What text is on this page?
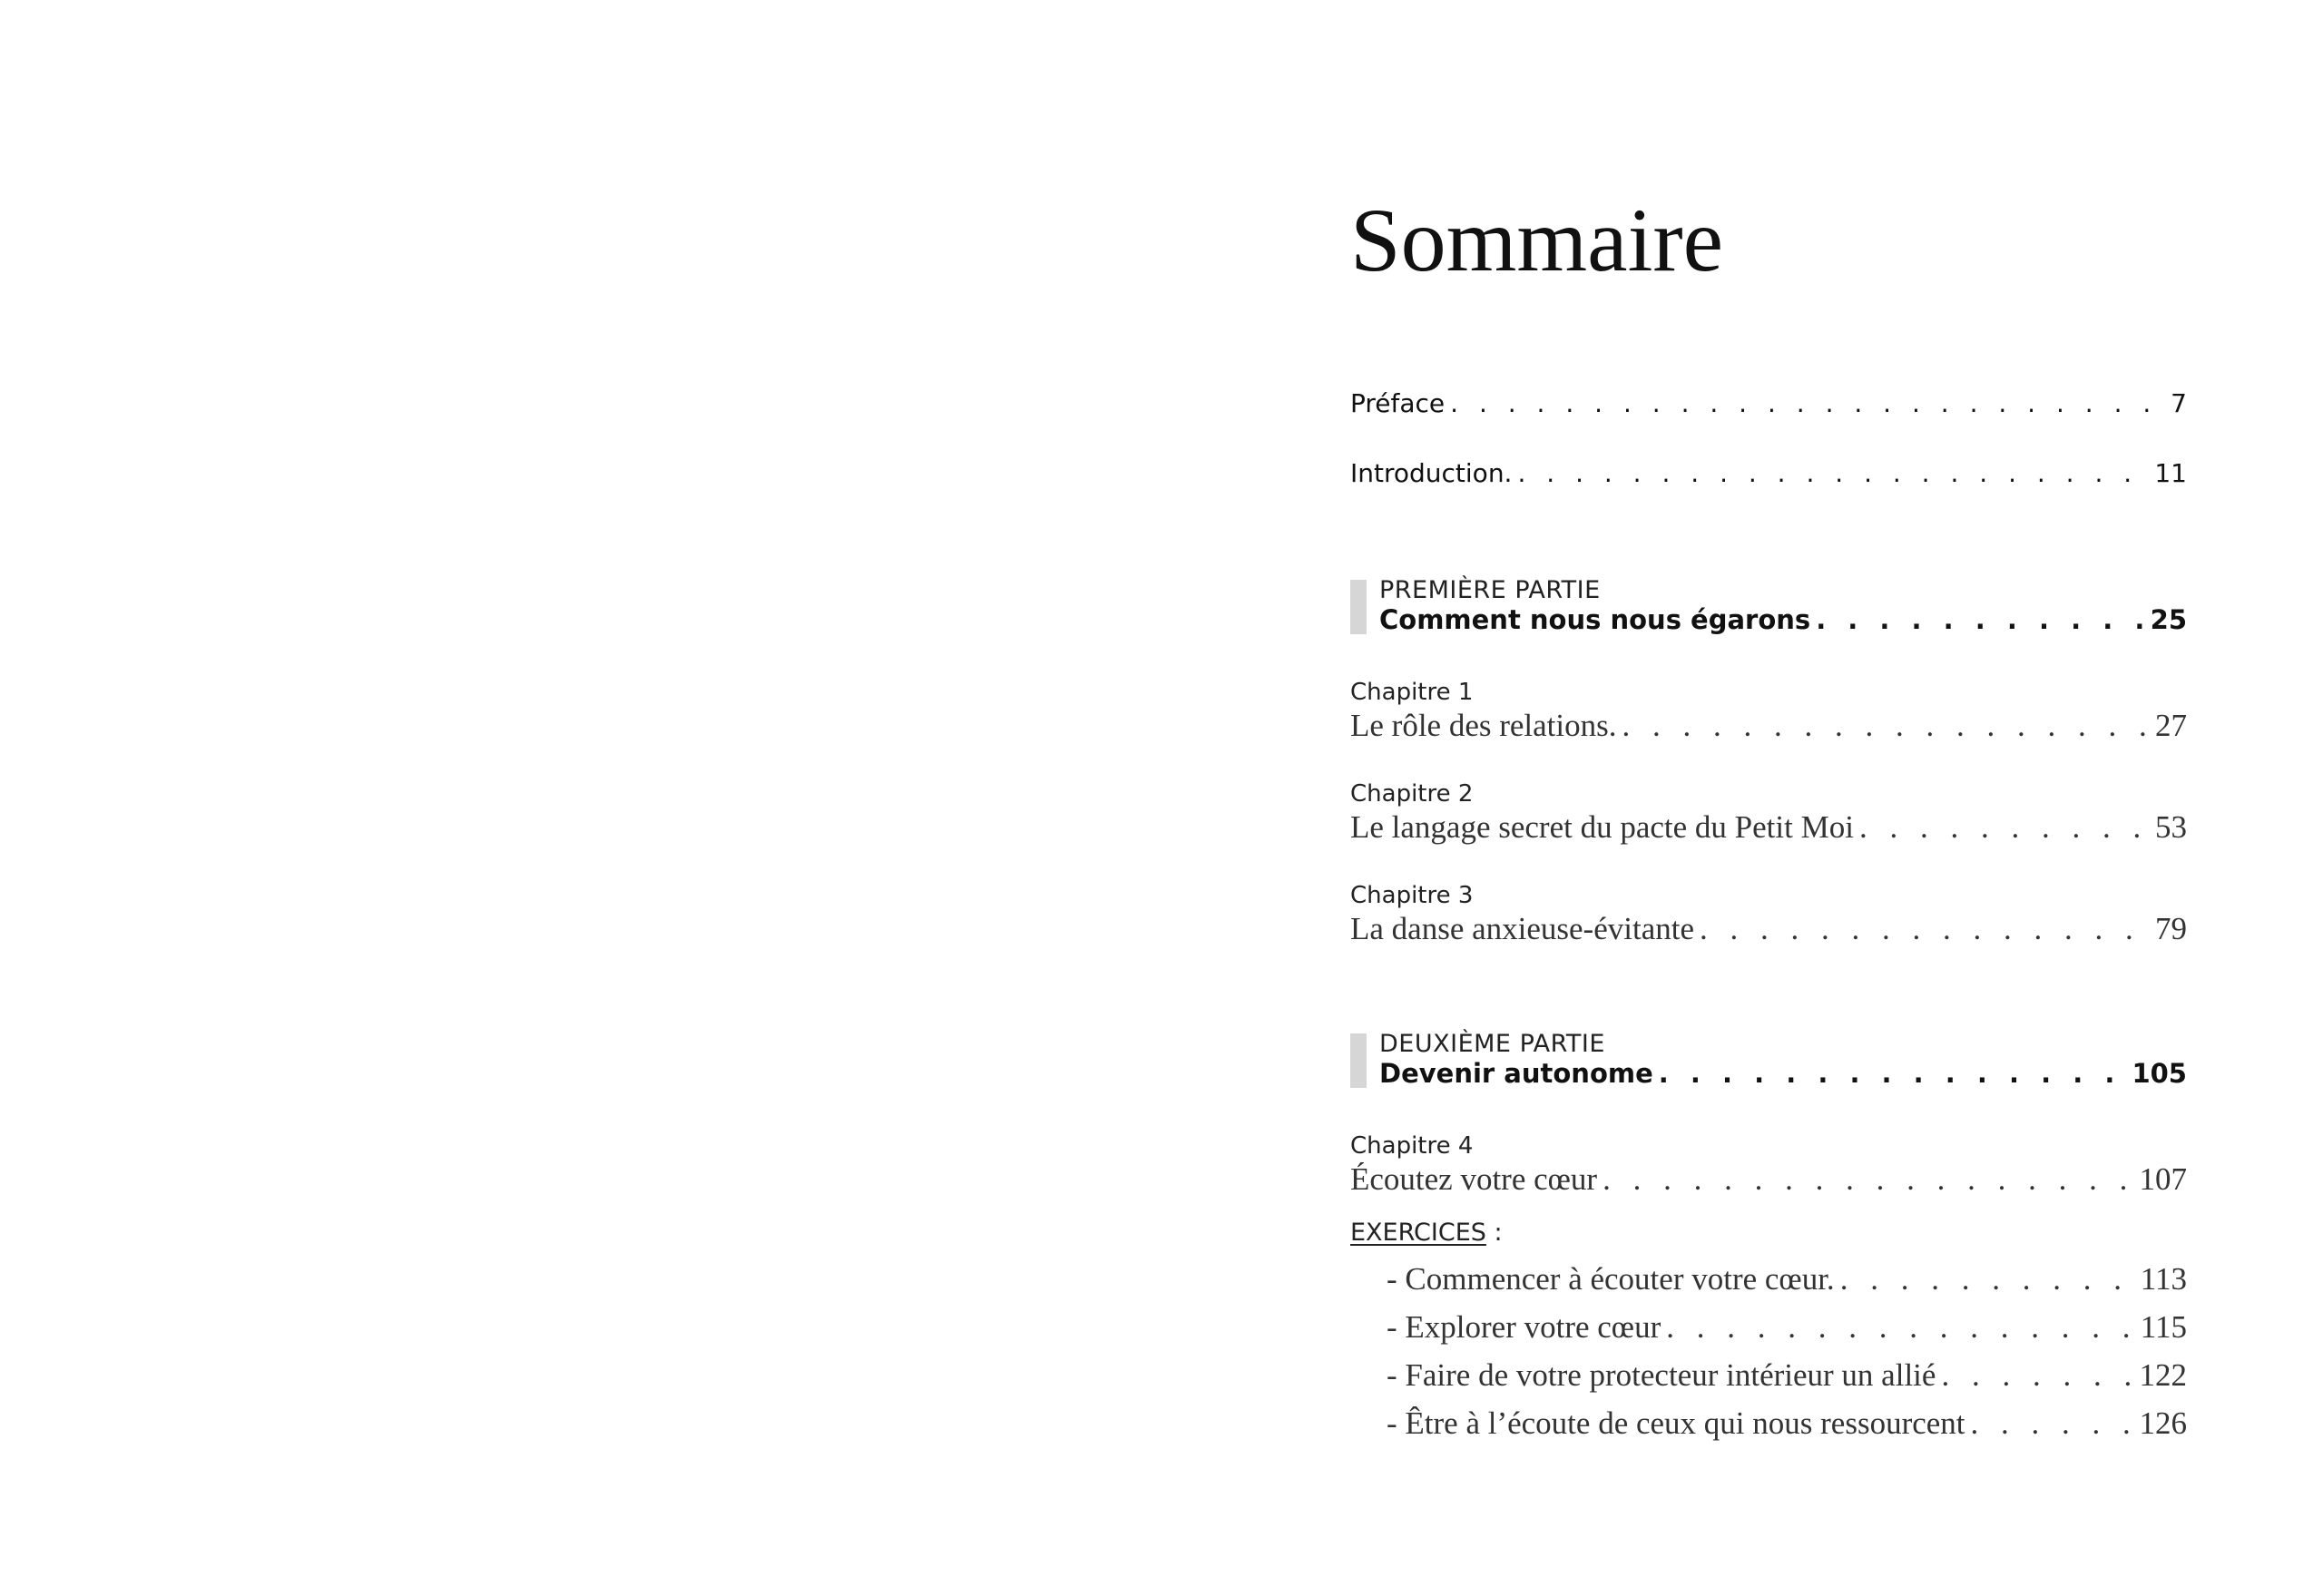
Sommaire
Préface . . .	7
Introduction. . . .	11
PREMIÈRE PARTIE
Comment nous nous égarons . . .	25
Chapitre 1
Le rôle des relations. . . .	27
Chapitre 2
Le langage secret du pacte du Petit Moi . . .	53
Chapitre 3
La danse anxieuse-évitante . . .	79
DEUXIÈME PARTIE
Devenir autonome . . .	105
Chapitre 4
Écoutez votre cœur . . .	107
EXERCICES :
- Commencer à écouter votre cœur. . . .	113
- Explorer votre cœur . . .	115
- Faire de votre protecteur intérieur un allié . . .	122
- Être à l’écoute de ceux qui nous ressourcent . . .	126
